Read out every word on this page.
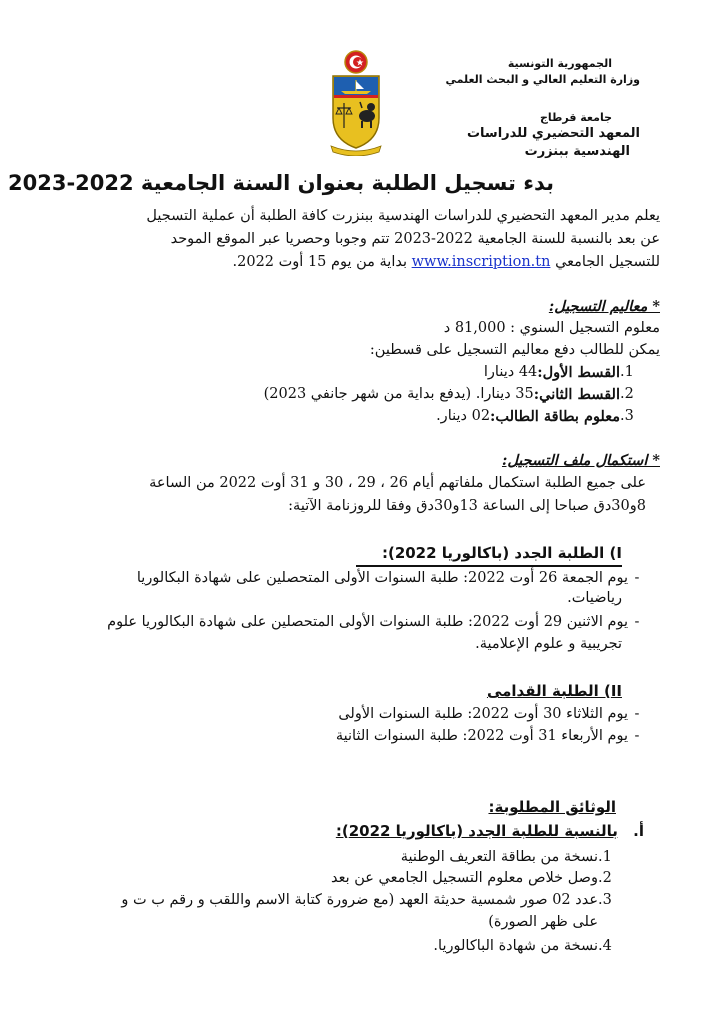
الجمهورية التونسية
وزارة التعليم العالي و البحث العلمي
جامعة قرطاج
المعهد التحضيري للدراسات
الهندسية ببنزرت
بدء تسجيل الطلبة بعنوان السنة الجامعية 2022-2023
يعلم مدير المعهد التحضيري للدراسات الهندسية ببنزرت كافة الطلبة أن عملية التسجيل
عن بعد بالنسبة للسنة الجامعية 2022-2023 تتم وجوبا وحصريا عبر الموقع الموحد
للتسجيل الجامعي www.inscription.tn بداية من يوم 15 أوت 2022.
* معاليم التسجيل:
معلوم التسجيل السنوي : 81,000 د
يمكن للطالب دفع معاليم التسجيل على قسطين:
1.
القسط الأول:
44 دينارا
2.
القسط الثاني:
35 دينارا. (يدفع بداية من شهر جانفي 2023)
3.
معلوم بطاقة الطالب:
02 دينار.
* استكمال ملف التسجيل:
على جميع الطلبة استكمال ملفاتهم أيام 26 ، 29 ، 30 و 31 أوت 2022 من الساعة
8و30دق صباحا إلى الساعة 13و30دق وفقا للروزنامة الآتية:
I) الطلبة الجدد (باكالوريا 2022):
-
يوم الجمعة 26 أوت 2022: طلبة السنوات الأولى المتحصلين على شهادة البكالوريا
رياضيات.
-
يوم الاثنين 29 أوت 2022: طلبة السنوات الأولى المتحصلين على شهادة البكالوريا علوم
تجريبية و علوم الإعلامية.
II) الطلبة القدامى
-
يوم الثلاثاء 30 أوت 2022: طلبة السنوات الأولى
-
يوم الأربعاء 31 أوت 2022: طلبة السنوات الثانية
الوثائق المطلوبة:
أ. بالنسبة للطلبة الجدد (باكالوريا 2022):
1.
نسخة من بطاقة التعريف الوطنية
2.
وصل خلاص معلوم التسجيل الجامعي عن بعد
3.
عدد 02 صور شمسية حديثة العهد (مع ضرورة كتابة الاسم واللقب و رقم ب ت و
على ظهر الصورة)
4.
نسخة من شهادة الباكالوريا.
